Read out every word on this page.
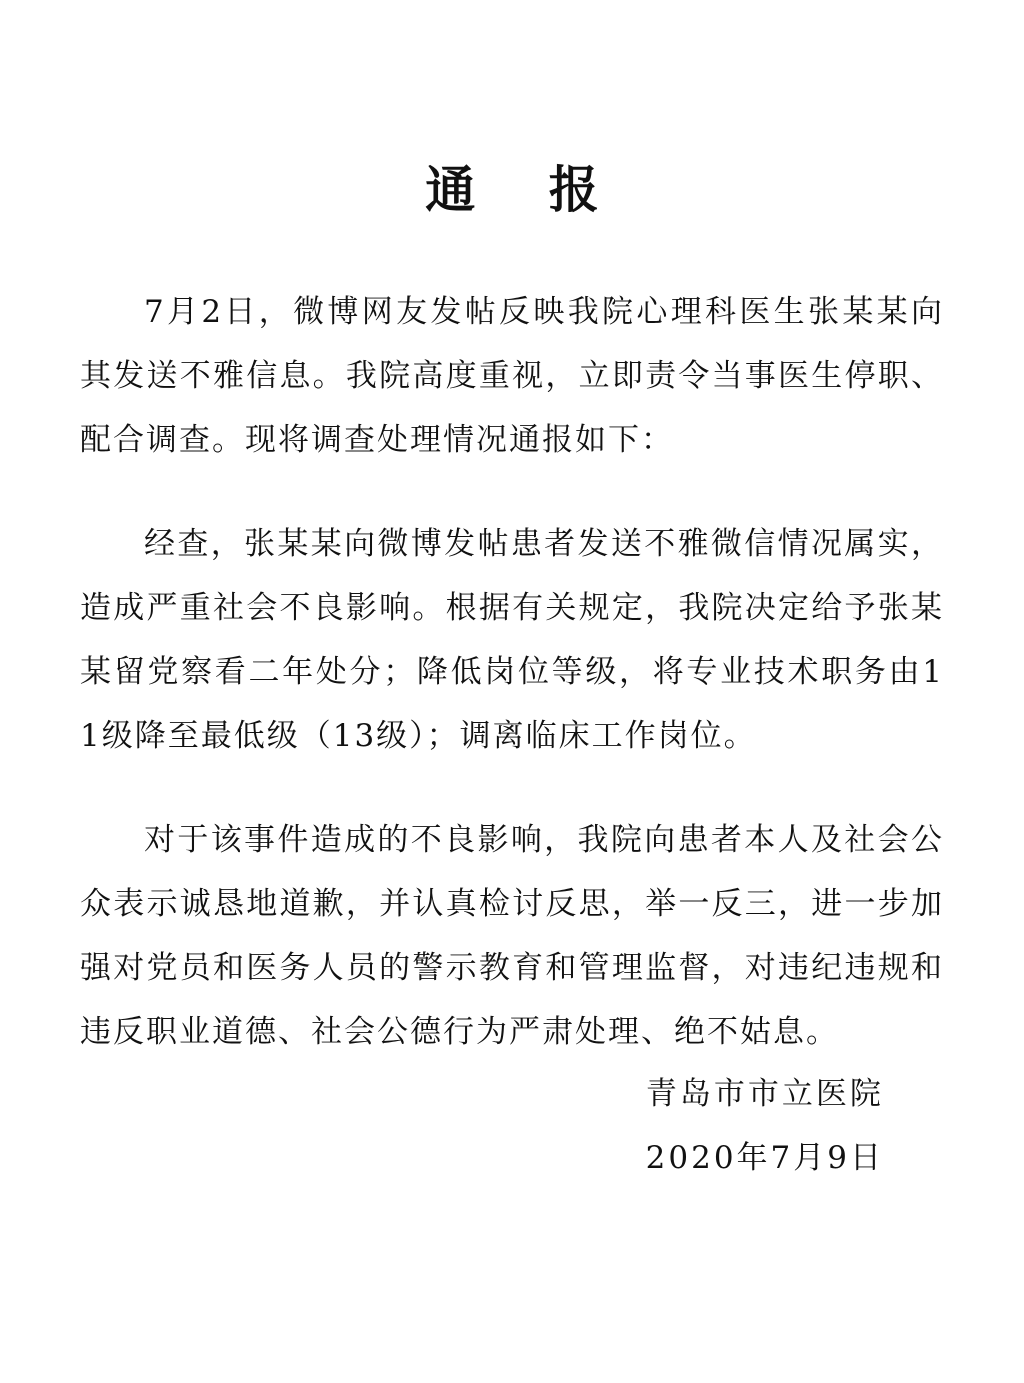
通 报

7月2日，微博网友发帖反映我院心理科医生张某某向其发送不雅信息。我院高度重视，立即责令当事医生停职、配合调查。现将调查处理情况通报如下：

经查，张某某向微博发帖患者发送不雅微信情况属实，造成严重社会不良影响。根据有关规定，我院决定给予张某某留党察看二年处分；降低岗位等级，将专业技术职务由11级降至最低级（13级）；调离临床工作岗位。

对于该事件造成的不良影响，我院向患者本人及社会公众表示诚恳地道歉，并认真检讨反思，举一反三，进一步加强对党员和医务人员的警示教育和管理监督，对违纪违规和违反职业道德、社会公德行为严肃处理、绝不姑息。

青岛市市立医院
2020年7月9日
